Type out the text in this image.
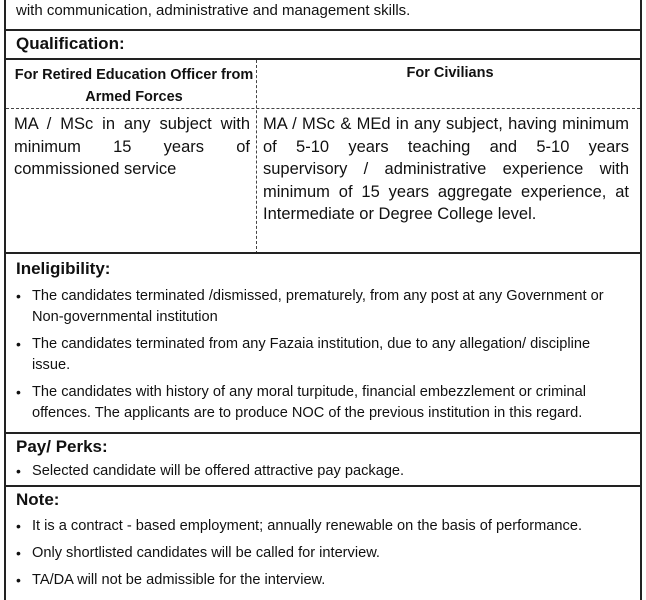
with communication, administrative and management skills.
Qualification:
For Retired Education Officer from Armed Forces
For Civilians
MA / MSc in any subject with minimum 15 years of commissioned service
MA / MSc & MEd in any subject, having minimum of 5-10 years teaching and 5-10 years supervisory / administrative experience with minimum of 15 years aggregate experience, at Intermediate or Degree College level.
Ineligibility:
• The candidates terminated /dismissed, prematurely, from any post at any Government or Non-governmental institution
• The candidates terminated from any Fazaia institution, due to any allegation/ discipline issue.
• The candidates with history of any moral turpitude, financial embezzlement or criminal offences. The applicants are to produce NOC of the previous institution in this regard.
Pay/ Perks:
• Selected candidate will be offered attractive pay package.
Note:
• It is a contract - based employment; annually renewable on the basis of performance.
• Only shortlisted candidates will be called for interview.
• TA/DA will not be admissible for the interview.
